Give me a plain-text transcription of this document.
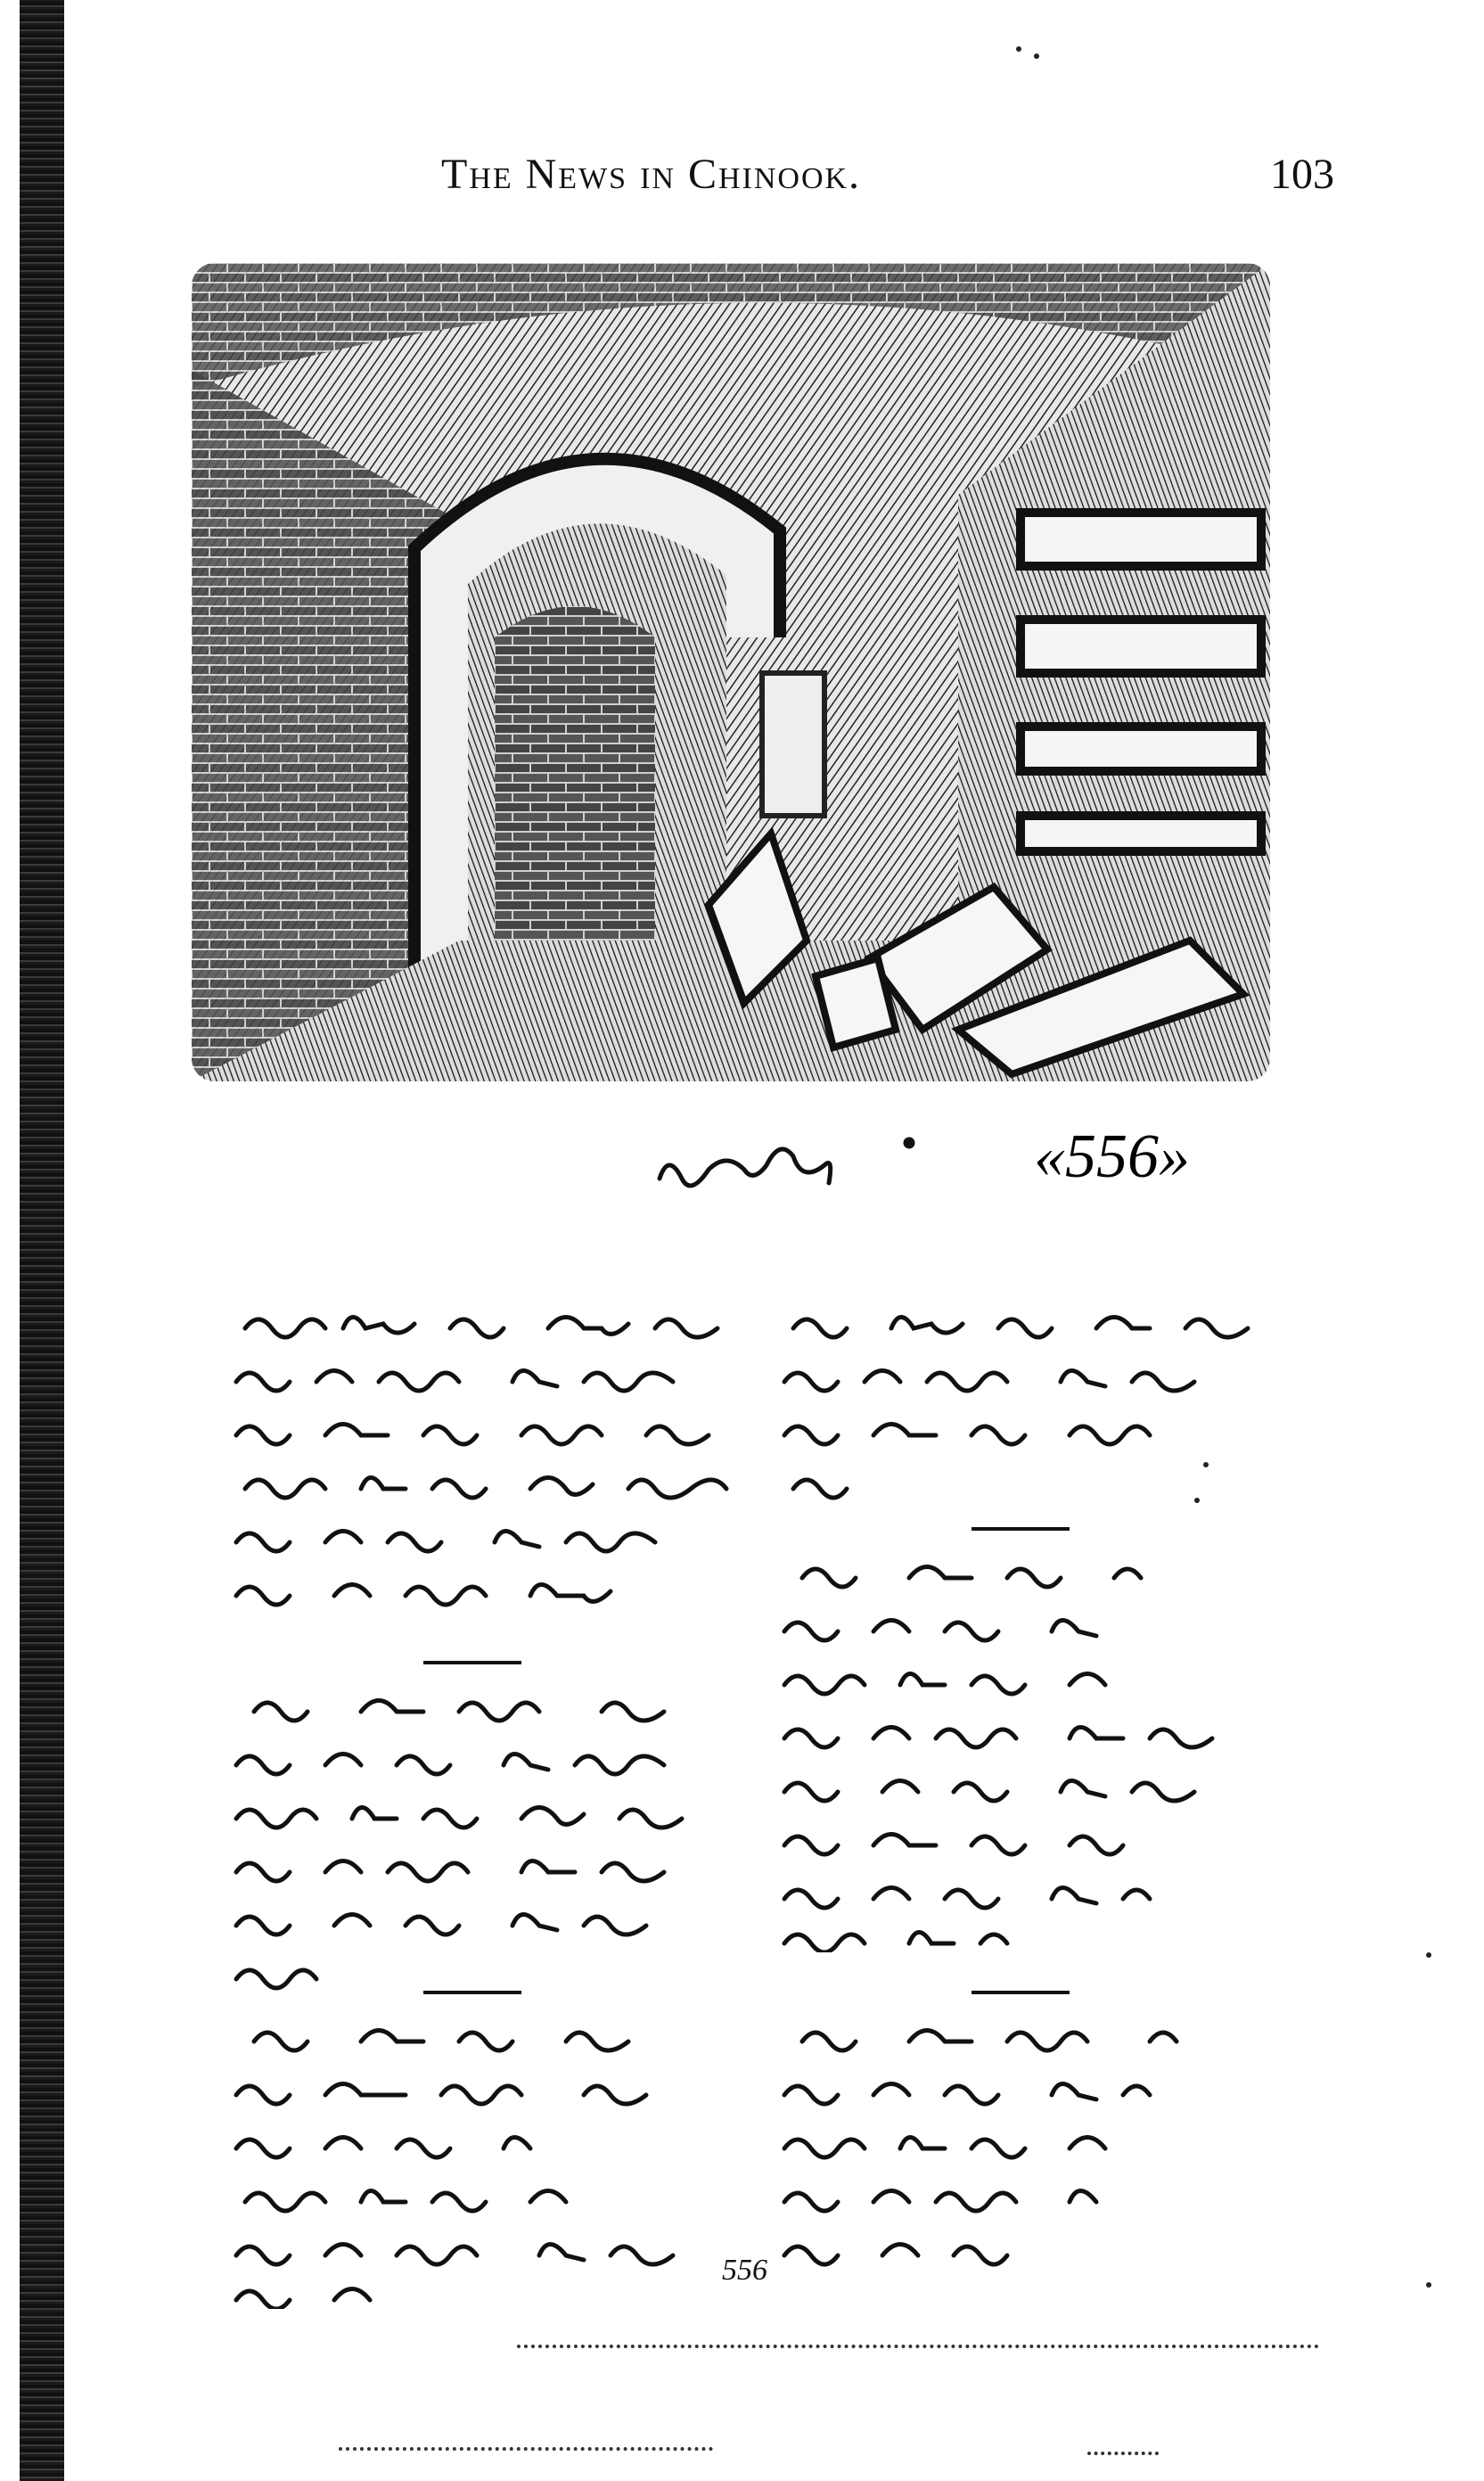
The News in Chinook.	103
«556»
556
